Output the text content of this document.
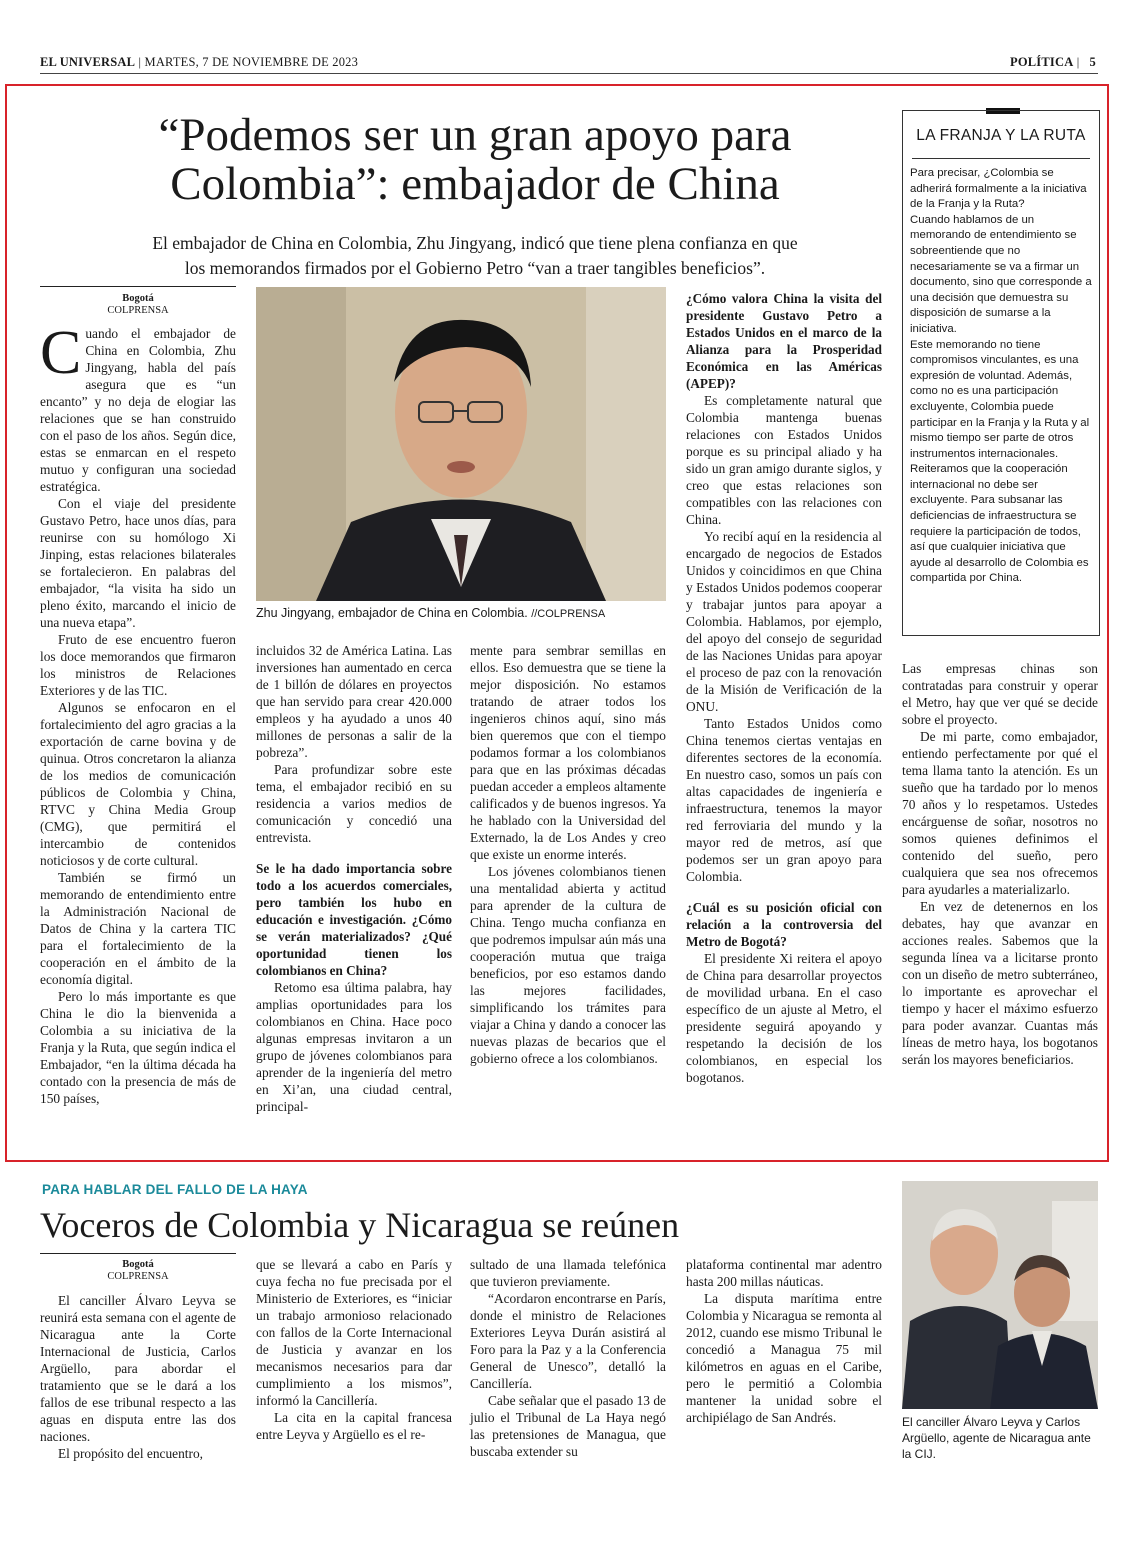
EL UNIVERSAL | MARTES, 7 DE NOVIEMBRE DE 2023	POLÍTICA |   5
“Podemos ser un gran apoyo para
Colombia”: embajador de China
El embajador de China en Colombia, Zhu Jingyang, indicó que tiene plena confianza en que
los memorandos firmados por el Gobierno Petro “van a traer tangibles beneficios”.
Bogotá
COLPRENSA

Cuando el embajador de China en Colombia, Zhu Jingyang, habla del país asegura que es “un encanto” y no deja de elogiar las relaciones que se han construido con el paso de los años. Según dice, estas se enmarcan en el respeto mutuo y configuran una sociedad estratégica.

Con el viaje del presidente Gustavo Petro, hace unos días, para reunirse con su homólogo Xi Jinping, estas relaciones bilaterales se fortalecieron. En palabras del embajador, “la visita ha sido un pleno éxito, marcando el inicio de una nueva etapa”.

Fruto de ese encuentro fueron los doce memorandos que firmaron los ministros de Relaciones Exteriores y de las TIC.

Algunos se enfocaron en el fortalecimiento del agro gracias a la exportación de carne bovina y de quinua. Otros concretaron la alianza de los medios de comunicación públicos de Colombia y China, RTVC y China Media Group (CMG), que permitirá el intercambio de contenidos noticiosos y de corte cultural.

También se firmó un memorando de entendimiento entre la Administración Nacional de Datos de China y la cartera TIC para el fortalecimiento de la cooperación en el ámbito de la economía digital.

Pero lo más importante es que China le dio la bienvenida a Colombia a su iniciativa de la Franja y la Ruta, que según indica el Embajador, “en la última década ha contado con la presencia de más de 150 países,

Zhu Jingyang, embajador de China en Colombia. //COLPRENSA

incluidos 32 de América Latina. Las inversiones han aumentado en cerca de 1 billón de dólares en proyectos que han servido para crear 420.000 empleos y ha ayudado a unos 40 millones de personas a salir de la pobreza”.

Para profundizar sobre este tema, el embajador recibió en su residencia a varios medios de comunicación y concedió una entrevista.

Se le ha dado importancia sobre todo a los acuerdos comerciales, pero también los hubo en educación e investigación. ¿Cómo se verán materializados? ¿Qué oportunidad tienen los colombianos en China?

Retomo esa última palabra, hay amplias oportunidades para los colombianos en China. Hace poco algunas empresas invitaron a un grupo de jóvenes colombianos para aprender de la ingeniería del metro en Xi’an, una ciudad central, principal-

mente para sembrar semillas en ellos. Eso demuestra que se tiene la mejor disposición. No estamos tratando de atraer todos los ingenieros chinos aquí, sino más bien queremos que con el tiempo podamos formar a los colombianos para que en las próximas décadas puedan acceder a empleos altamente calificados y de buenos ingresos. Ya he hablado con la Universidad del Externado, la de Los Andes y creo que existe un enorme interés.

Los jóvenes colombianos tienen una mentalidad abierta y actitud para aprender de la cultura de China. Tengo mucha confianza en que podremos impulsar aún más una cooperación mutua que traiga beneficios, por eso estamos dando las mejores facilidades, simplificando los trámites para viajar a China y dando a conocer las nuevas plazas de becarios que el gobierno ofrece a los colombianos.

¿Cómo valora China la visita del presidente Gustavo Petro a Estados Unidos en el marco de la Alianza para la Prosperidad Económica en las Américas (APEP)?

Es completamente natural que Colombia mantenga buenas relaciones con Estados Unidos porque es su principal aliado y ha sido un gran amigo durante siglos, y creo que estas relaciones son compatibles con las relaciones con China.

Yo recibí aquí en la residencia al encargado de negocios de Estados Unidos y coincidimos en que China y Estados Unidos podemos cooperar y trabajar juntos para apoyar a Colombia. Hablamos, por ejemplo, del apoyo del consejo de seguridad de las Naciones Unidas para apoyar el proceso de paz con la renovación de la Misión de Verificación de la ONU.

Tanto Estados Unidos como China tenemos ciertas ventajas en diferentes sectores de la economía. En nuestro caso, somos un país con altas capacidades de ingeniería e infraestructura, tenemos la mayor red ferroviaria del mundo y la mayor red de metros, así que podemos ser un gran apoyo para Colombia.

¿Cuál es su posición oficial con relación a la controversia del Metro de Bogotá?

El presidente Xi reitera el apoyo de China para desarrollar proyectos de movilidad urbana. En el caso específico de un ajuste al Metro, el presidente seguirá apoyando y respetando la decisión de los colombianos, en especial los bogotanos.

LA FRANJA Y LA RUTA

Para precisar, ¿Colombia se adherirá formalmente a la iniciativa de la Franja y la Ruta?

Cuando hablamos de un memorando de entendimiento se sobreentiende que no necesariamente se va a firmar un documento, sino que corresponde a una decisión que demuestra su disposición de sumarse a la iniciativa.

Este memorando no tiene compromisos vinculantes, es una expresión de voluntad. Además, como no es una participación excluyente, Colombia puede participar en la Franja y la Ruta y al mismo tiempo ser parte de otros instrumentos internacionales.

Reiteramos que la cooperación internacional no debe ser excluyente. Para subsanar las deficiencias de infraestructura se requiere la participación de todos, así que cualquier iniciativa que ayude al desarrollo de Colombia es compartida por China.

Las empresas chinas son contratadas para construir y operar el Metro, hay que ver qué se decide sobre el proyecto.

De mi parte, como embajador, entiendo perfectamente por qué el tema llama tanto la atención. Es un sueño que ha tardado por lo menos 70 años y lo respetamos. Ustedes encárguense de soñar, nosotros no somos quienes definimos el contenido del sueño, pero cualquiera que sea nos ofrecemos para ayudarles a materializarlo.

En vez de detenernos en los debates, hay que avanzar en acciones reales. Sabemos que la segunda línea va a licitarse pronto con un diseño de metro subterráneo, lo importante es aprovechar el tiempo y hacer el máximo esfuerzo para poder avanzar. Cuantas más líneas de metro haya, los bogotanos serán los mayores beneficiarios.

PARA HABLAR DEL FALLO DE LA HAYA
Voceros de Colombia y Nicaragua se reúnen
Bogotá
COLPRENSA

El canciller Álvaro Leyva se reunirá esta semana con el agente de Nicaragua ante la Corte Internacional de Justicia, Carlos Argüello, para abordar el tratamiento que se le dará a los fallos de ese tribunal respecto a las aguas en disputa entre las dos naciones.

El propósito del encuentro,

que se llevará a cabo en París y cuya fecha no fue precisada por el Ministerio de Exteriores, es “iniciar un trabajo armonioso relacionado con fallos de la Corte Internacional de Justicia y avanzar en los mecanismos necesarios para dar cumplimiento a los mismos”, informó la Cancillería.

La cita en la capital francesa entre Leyva y Argüello es el re-

sultado de una llamada telefónica que tuvieron previamente.

“Acordaron encontrarse en París, donde el ministro de Relaciones Exteriores Leyva Durán asistirá al Foro para la Paz y a la Conferencia General de Unesco”, detalló la Cancillería.

Cabe señalar que el pasado 13 de julio el Tribunal de La Haya negó las pretensiones de Managua, que buscaba extender su

plataforma continental mar adentro hasta 200 millas náuticas.

La disputa marítima entre Colombia y Nicaragua se remonta al 2012, cuando ese mismo Tribunal le concedió a Managua 75 mil kilómetros en aguas en el Caribe, pero le permitió a Colombia mantener la unidad sobre el archipiélago de San Andrés.	El canciller Álvaro Leyva y Carlos Argüello, agente de Nicaragua ante la CIJ.
